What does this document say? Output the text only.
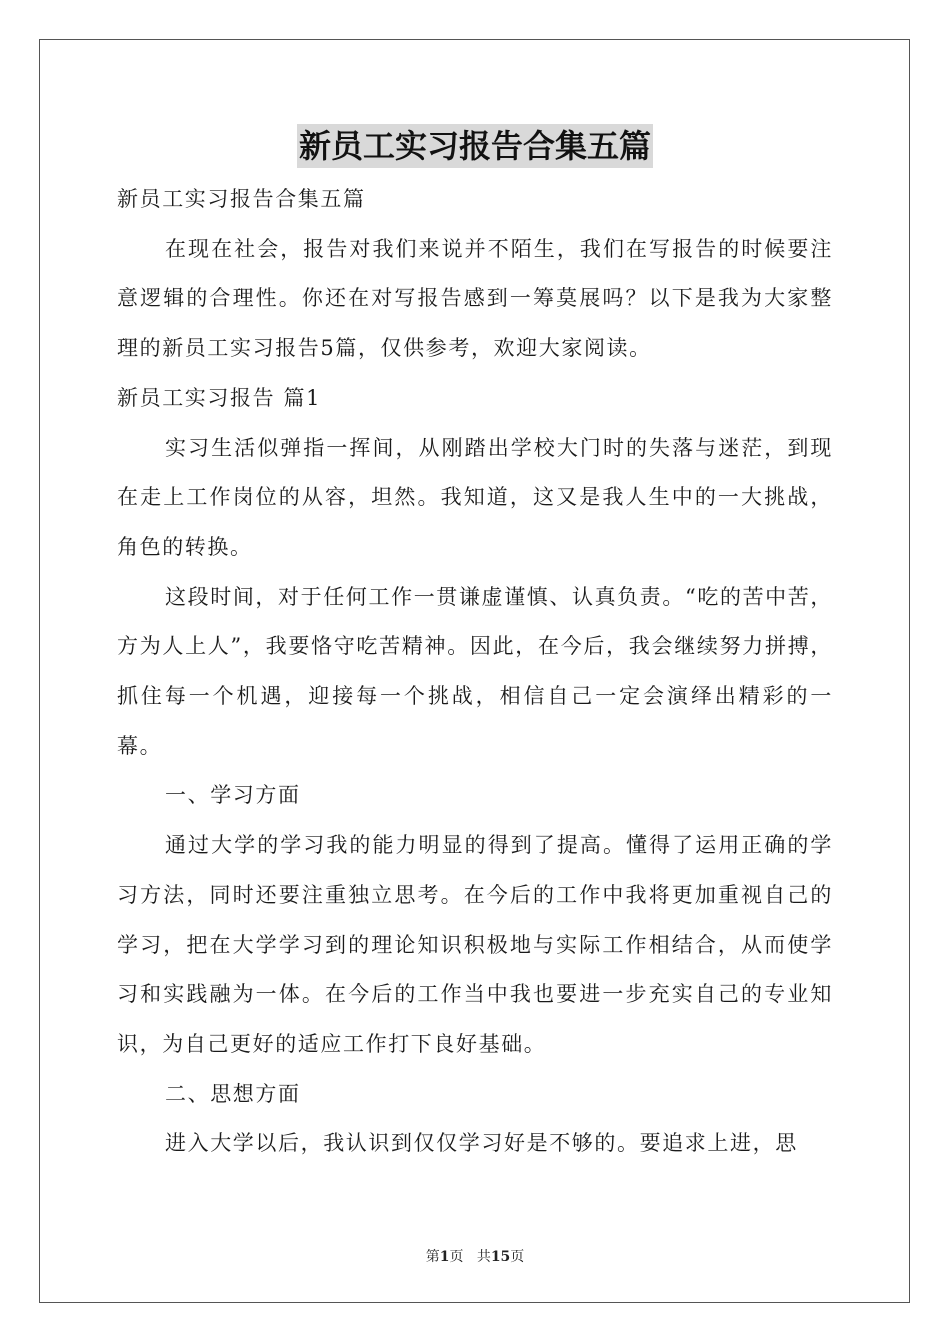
新员工实习报告合集五篇

新员工实习报告合集五篇

在现在社会，报告对我们来说并不陌生，我们在写报告的时候要注意逻辑的合理性。你还在对写报告感到一筹莫展吗？以下是我为大家整理的新员工实习报告5篇，仅供参考，欢迎大家阅读。

新员工实习报告 篇1

实习生活似弹指一挥间，从刚踏出学校大门时的失落与迷茫，到现在走上工作岗位的从容，坦然。我知道，这又是我人生中的一大挑战，角色的转换。

这段时间，对于任何工作一贯谦虚谨慎、认真负责。“吃的苦中苦，方为人上人”，我要恪守吃苦精神。因此，在今后，我会继续努力拼搏，抓住每一个机遇，迎接每一个挑战，相信自己一定会演绎出精彩的一幕。

一、学习方面

通过大学的学习我的能力明显的得到了提高。懂得了运用正确的学习方法，同时还要注重独立思考。在今后的工作中我将更加重视自己的学习，把在大学学习到的理论知识积极地与实际工作相结合，从而使学习和实践融为一体。在今后的工作当中我也要进一步充实自己的专业知识，为自己更好的适应工作打下良好基础。

二、思想方面

进入大学以后，我认识到仅仅学习好是不够的。要追求上进，思

第1页 共15页
